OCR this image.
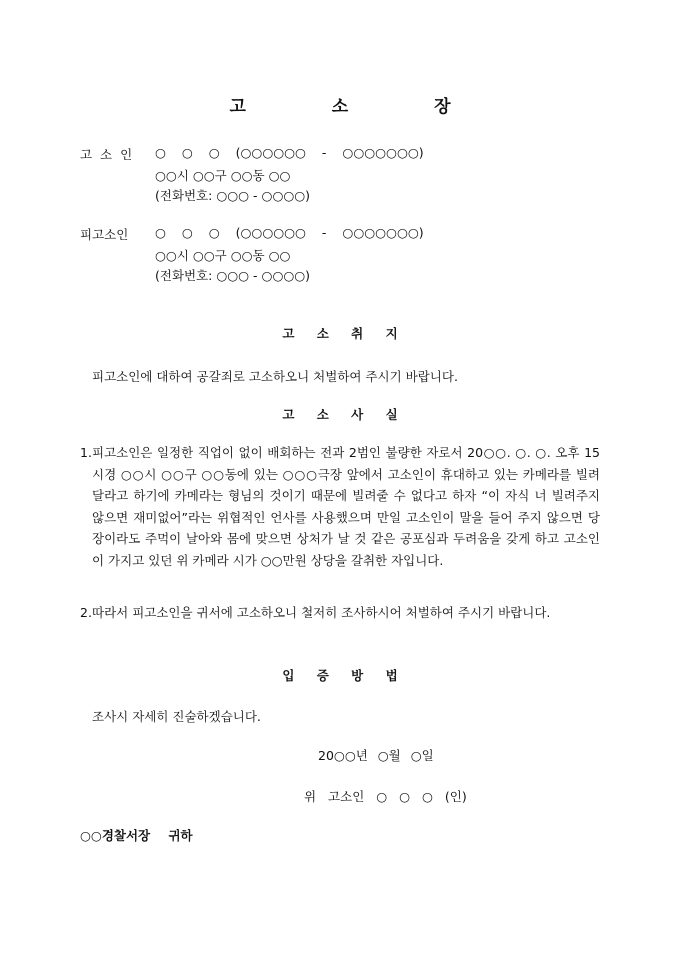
고 소 장
고 소 인 ○ ○ ○ (○○○○○○ - ○○○○○○○)
○○시 ○○구 ○○동 ○○
(전화번호: ○○○ - ○○○○)
피고소인 ○ ○ ○ (○○○○○○ - ○○○○○○○)
○○시 ○○구 ○○동 ○○
(전화번호: ○○○ - ○○○○)
고 소 취 지
피고소인에 대하여 공갈죄로 고소하오니 처벌하여 주시기 바랍니다.
고 소 사 실
1. 피고소인은 일정한 직업이 없이 배회하는 전과 2범인 불량한 자로서 20○○. ○. ○. 오후 15시경 ○○시 ○○구 ○○동에 있는 ○○○극장 앞에서 고소인이 휴대하고 있는 카메라를 빌려 달라고 하기에 카메라는 형님의 것이기 때문에 빌려줄 수 없다고 하자 “이 자식 너 빌려주지 않으면 재미없어”라는 위협적인 언사를 사용했으며 만일 고소인이 말을 들어 주지 않으면 당장이라도 주먹이 날아와 몸에 맞으면 상처가 날 것 같은 공포심과 두려움을 갖게 하고 고소인이 가지고 있던 위 카메라 시가 ○○만원 상당을 갈취한 자입니다.
2. 따라서 피고소인을 귀서에 고소하오니 철저히 조사하시어 처벌하여 주시기 바랍니다.
입 증 방 법
조사시 자세히 진술하겠습니다.
20○○년 ○월 ○일
위 고소인 ○ ○ ○ (인)
○○경찰서장 귀하
